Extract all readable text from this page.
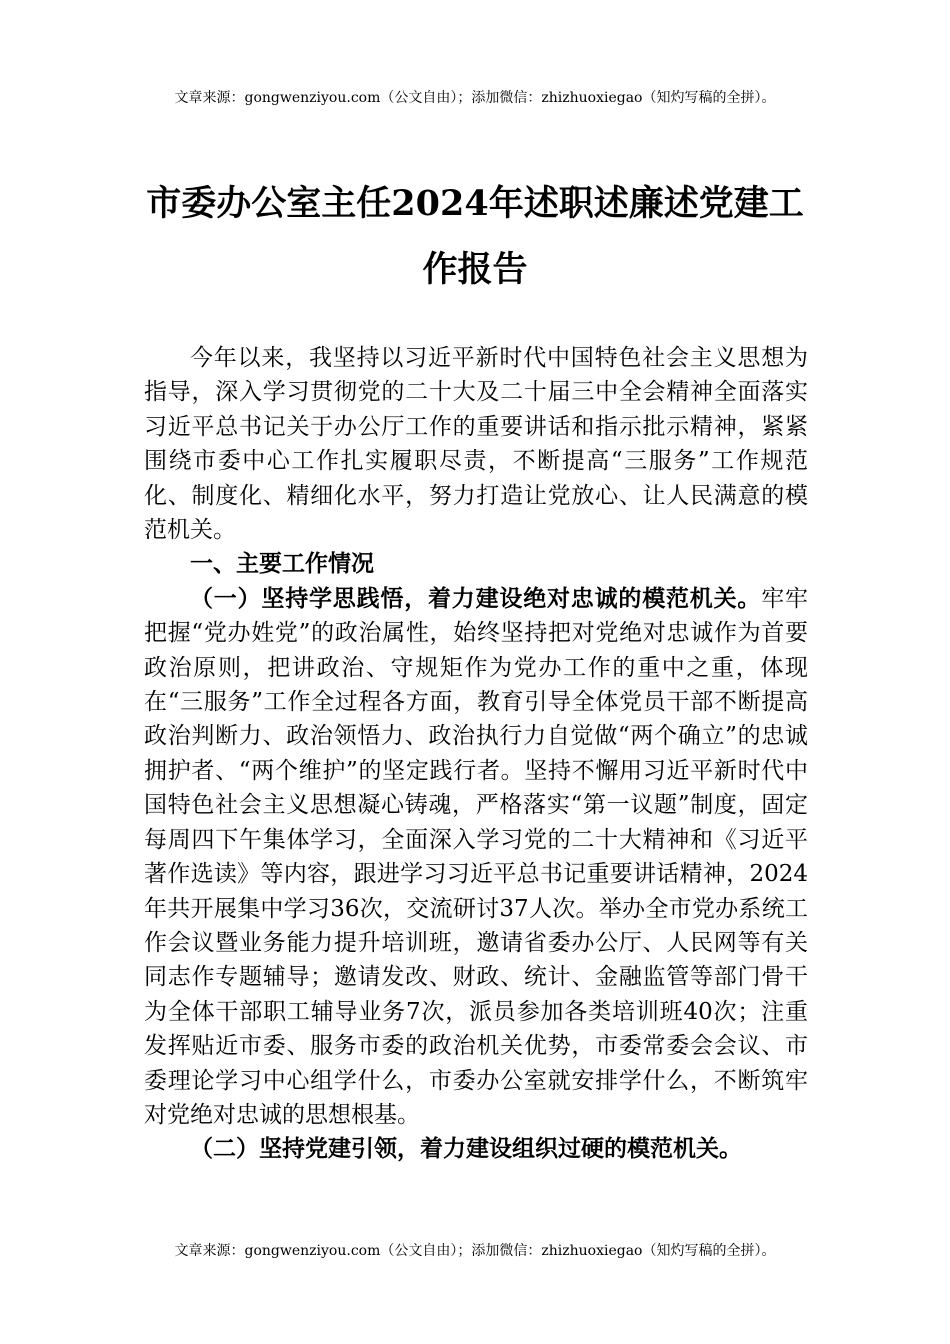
文章来源：gongwenziyou.com（公文自由）；添加微信：zhizhuoxiegao（知灼写稿的全拼）。
市委办公室主任2024年述职述廉述党建工作报告

今年以来，我坚持以习近平新时代中国特色社会主义思想为指导，深入学习贯彻党的二十大及二十届三中全会精神全面落实习近平总书记关于办公厅工作的重要讲话和指示批示精神，紧紧围绕市委中心工作扎实履职尽责，不断提高“三服务”工作规范化、制度化、精细化水平，努力打造让党放心、让人民满意的模范机关。

一、主要工作情况

（一）坚持学思践悟，着力建设绝对忠诚的模范机关。牢牢把握“党办姓党”的政治属性，始终坚持把对党绝对忠诚作为首要政治原则，把讲政治、守规矩作为党办工作的重中之重，体现在“三服务”工作全过程各方面，教育引导全体党员干部不断提高政治判断力、政治领悟力、政治执行力自觉做“两个确立”的忠诚拥护者、“两个维护”的坚定践行者。坚持不懈用习近平新时代中国特色社会主义思想凝心铸魂，严格落实“第一议题”制度，固定每周四下午集体学习，全面深入学习党的二十大精神和《习近平著作选读》等内容，跟进学习习近平总书记重要讲话精神，2024年共开展集中学习36次，交流研讨37人次。举办全市党办系统工作会议暨业务能力提升培训班，邀请省委办公厅、人民网等有关同志作专题辅导；邀请发改、财政、统计、金融监管等部门骨干为全体干部职工辅导业务7次，派员参加各类培训班40次；注重发挥贴近市委、服务市委的政治机关优势，市委常委会会议、市委理论学习中心组学什么，市委办公室就安排学什么，不断筑牢对党绝对忠诚的思想根基。

（二）坚持党建引领，着力建设组织过硬的模范机关。

文章来源：gongwenziyou.com（公文自由）；添加微信：zhizhuoxiegao（知灼写稿的全拼）。
